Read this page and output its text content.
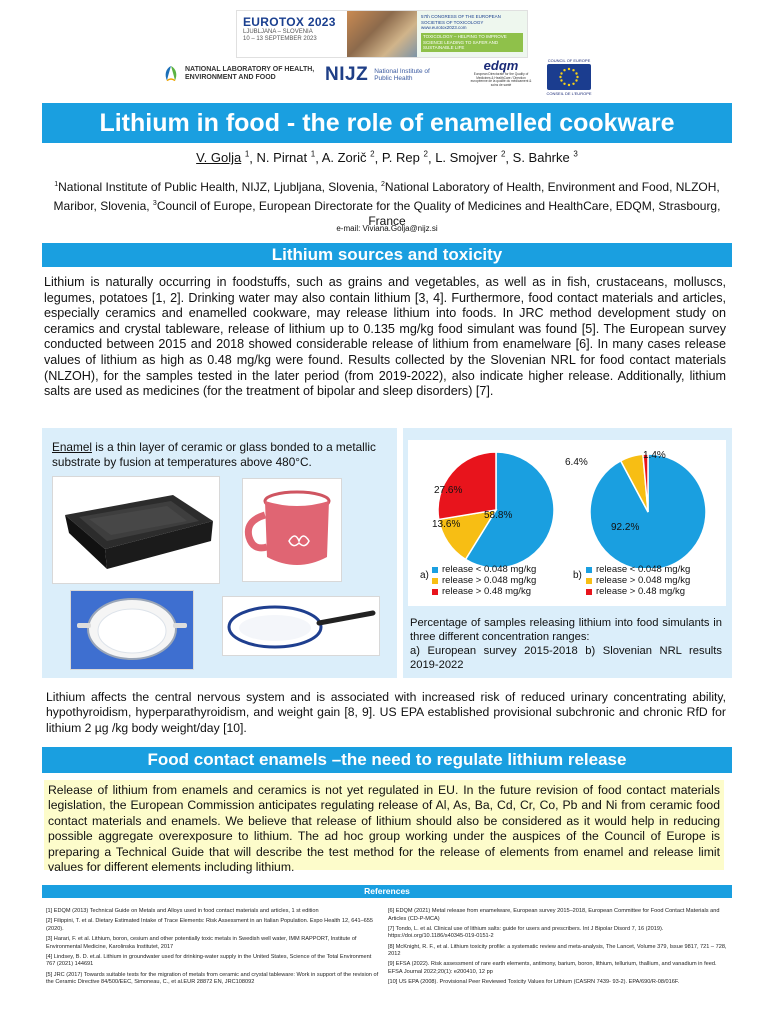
EUROTOX 2023
LJUBLJANA – SLOVENIA
10 – 13 SEPTEMBER 2023
57th CONGRESS OF THE EUROPEAN SOCIETIES OF TOXICOLOGY
www.eurotox2023.com
TOXICOLOGY – HELPING TO IMPROVE SCIENCE LEADING TO SAFER AND SUSTAINABLE LIFE
NATIONAL LABORATORY OF HEALTH, ENVIRONMENT AND FOOD	NIJZ National Institute of Public Health
edqm
European Directorate for the Quality of Medicines & HealthCare / Direction européenne de la qualité du médicament & soins de santé
COUNCIL OF EUROPE
CONSEIL DE L'EUROPE
Lithium in food - the role of enamelled cookware
V. Golja $^1$, N. Pirnat $^1$, A. Zorič $^2$, P. Rep $^2$, L. Smojver $^2$, S. Bahrke $^3$
$^1$National Institute of Public Health, NIJZ, Ljubljana, Slovenia, $^2$National Laboratory of Health, Environment and Food, NLZOH, Maribor, Slovenia, $^3$Council of Europe, European Directorate for the Quality of Medicines and HealthCare, EDQM, Strasbourg, France
e-mail: Viviana.Golja@nijz.si
Lithium sources and toxicity
Lithium is naturally occurring in foodstuffs, such as grains and vegetables, as well as in fish, crustaceans, molluscs, legumes, potatoes [1, 2]. Drinking water may also contain lithium [3, 4]. Furthermore, food contact materials and articles, especially ceramics and enamelled cookware, may release lithium into foods. In JRC method development study on ceramics and crystal tableware, release of lithium up to 0.135 mg/kg food simulant was found [5]. The European survey conducted between 2015 and 2018 showed considerable release of lithium from enamelware [6]. In many cases release values of lithium as high as 0.48 mg/kg were found. Results collected by the Slovenian NRL for food contact materials (NLZOH), for the samples tested in the later period (from 2019-2022), also indicate higher release. Additionally, lithium salts are used as medicines (for the treatment of bipolar and sleep disorders) [7].
Enamel is a thin layer of ceramic or glass bonded to a metallic substrate by fusion at temperatures above 480°C.
27.6%
13.6%
58.8%
6.4%
1.4%
92.2%
a)
release < 0.048 mg/kg
release > 0.048 mg/kg
release > 0.48 mg/kg
b)
release < 0.048 mg/kg
release > 0.048 mg/kg
release > 0.48 mg/kg
Percentage of samples releasing lithium into food simulants in three different concentration ranges:
a) European survey 2015-2018 b) Slovenian NRL results 2019-2022
Lithium affects the central nervous system and is associated with increased risk of reduced urinary concentrating ability, hypothyroidism, hyperparathyroidism, and weight gain [8, 9]. US EPA established provisional subchronic and chronic RfD for lithium 2 µg /kg body weight/day [10].
Food contact enamels –the need to regulate lithium release
Release of lithium from enamels and ceramics is not yet regulated in EU. In the future revision of food contact materials legislation, the European Commission anticipates regulating release of Al, As, Ba, Cd, Cr, Co, Pb and Ni from ceramic food contact materials and enamels. We believe that release of lithium should also be considered as it would help in reducing possible aggregate overexposure to lithium. The ad hoc group working under the auspices of the Council of Europe is preparing a Technical Guide that will describe the test method for the release of elements from enamel and release limit values for different elements including lithium.
References
[1] EDQM (2013) Technical Guide on Metals and Alloys used in food contact materials and articles, 1 st edition
[2] Filippini, T. et al. Dietary Estimated Intake of Trace Elements: Risk Assessment in an Italian Population. Expo Health 12, 641–655 (2020).
[3] Harari, F. et al. Lithium, boron, cesium and other potentially toxic metals in Swedish well water, IMM RAPPORT, Institute of Environmental Medicine, Karolinska Institutet, 2017
[4] Lindsey, B. D. et.al. Lithium in groundwater used for drinking-water supply in the United States, Science of the Total Environment 767 (2021) 144691
[5] JRC (2017) Towards suitable tests for the migration of metals from ceramic and crystal tableware: Work in support of the revision of the Ceramic Directive 84/500/EEC, Simoneau, C., et al.EUR 28872 EN, JRC108092
[6] EDQM (2021) Metal release from enamelware, European survey 2015–2018, European Committee for Food Contact Materials and Articles (CD-P-MCA)
[7] Tondo, L. et al. Clinical use of lithium salts: guide for users and prescribers. Int J Bipolar Disord 7, 16 (2019). https://doi.org/10.1186/s40345-019-0151-2
[8] McKnight, R. F., et al. Lithium toxicity profile: a systematic review and meta-analysis, The Lancet, Volume 379, Issue 9817, 721 – 728, 2012
[9] EFSA (2022). Risk assessment of rare earth elements, antimony, barium, boron, lithium, tellurium, thallium, and vanadium in feed. EFSA Journal 2022;20(1): e200410, 12 pp
[10] US EPA (2008). Provisional Peer Reviewed Toxicity Values for Lithium (CASRN 7439- 93-2). EPA/690/R-08/016F.
